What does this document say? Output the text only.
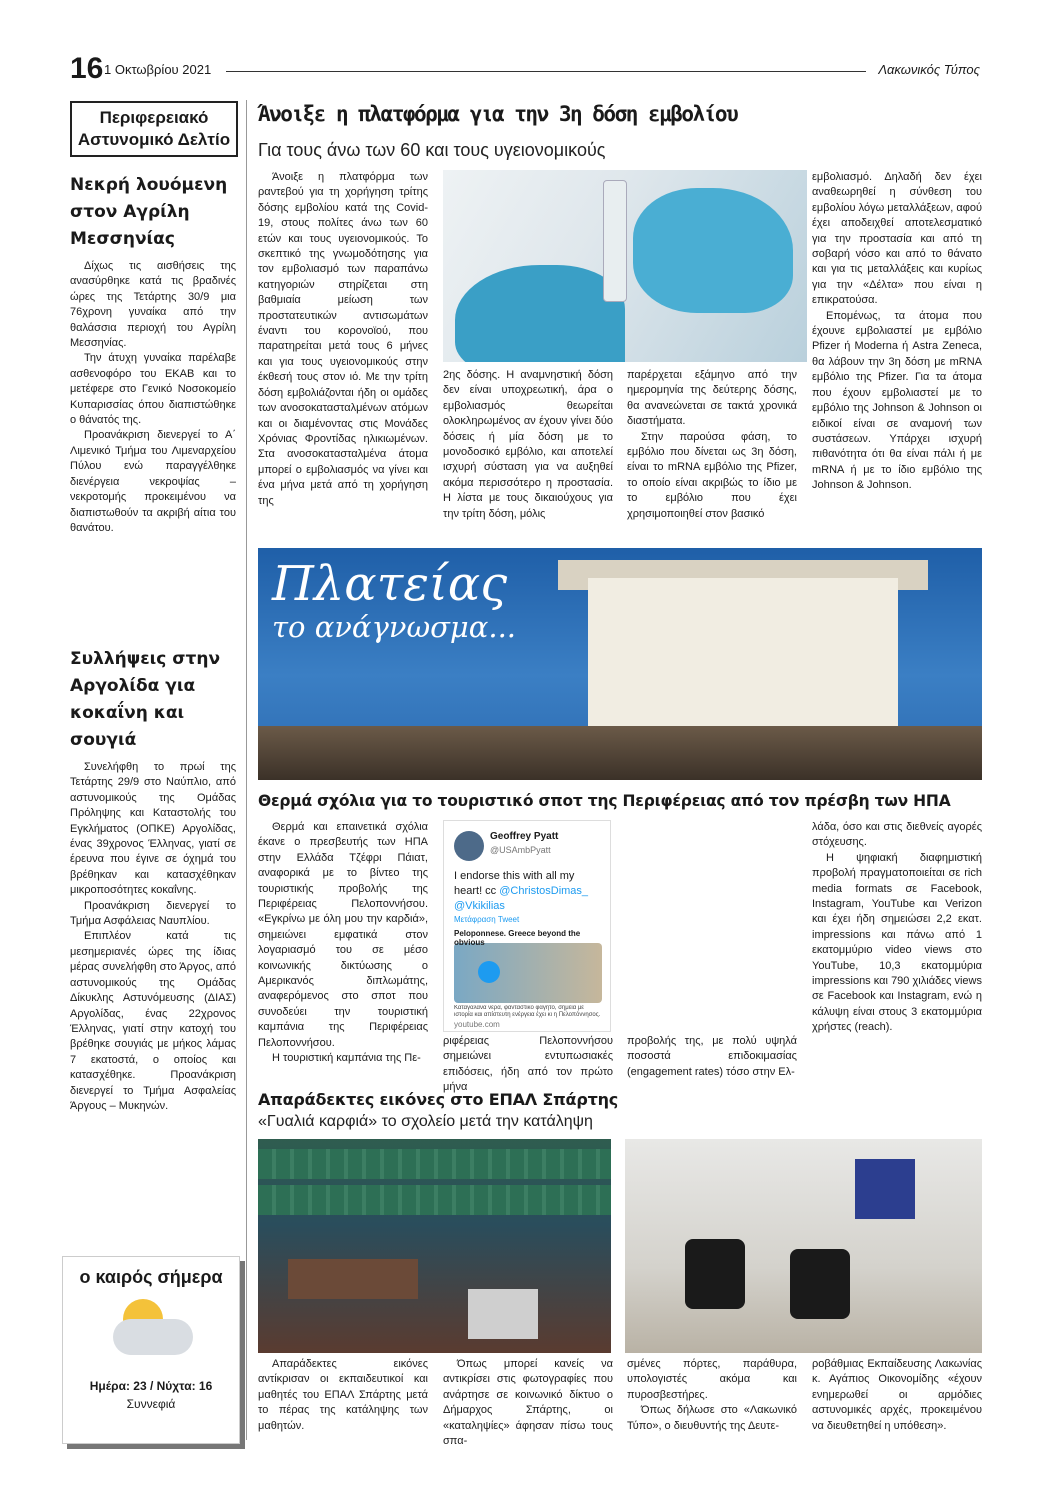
16 1 Οκτωβρίου 2021	Λακωνικός Τύπος
Περιφερειακό Αστυνομικό Δελτίο
Νεκρή λουόμενη στον Αγρίλη Μεσσηνίας

Δίχως τις αισθήσεις της ανασύρθηκε κατά τις βραδινές ώρες της Τετάρτης 30/9 μια 76χρονη γυναίκα από την θαλάσσια περιοχή του Αγρίλη Μεσσηνίας.

Την άτυχη γυναίκα παρέλαβε ασθενοφόρο του ΕΚΑΒ και το μετέφερε στο Γενικό Νοσοκομείο Κυπαρισσίας όπου διαπιστώθηκε ο θάνατός της.

Προανάκριση διενεργεί το Α΄ Λιμενικό Τμήμα του Λιμεναρχείου Πύλου ενώ παραγγέλθηκε διενέργεια νεκροψίας – νεκροτομής προκειμένου να διαπιστωθούν τα ακριβή αίτια του θανάτου.

Συλλήψεις στην Αργολίδα για κοκαΐνη και σουγιά

Συνελήφθη το πρωί της Τετάρτης 29/9 στο Ναύπλιο, από αστυνομικούς της Ομάδας Πρόληψης και Καταστολής του Εγκλήματος (ΟΠΚΕ) Αργολίδας, ένας 39χρονος Έλληνας, γιατί σε έρευνα που έγινε σε όχημά του βρέθηκαν και κατασχέθηκαν μικροποσότητες κοκαΐνης.

Προανάκριση διενεργεί το Τμήμα Ασφάλειας Ναυπλίου.

Επιπλέον κατά τις μεσημεριανές ώρες της ίδιας μέρας συνελήφθη στο Άργος, από αστυνομικούς της Ομάδας Δίκυκλης Αστυνόμευσης (ΔΙΑΣ) Αργολίδας, ένας 22χρονος Έλληνας, γιατί στην κατοχή του βρέθηκε σουγιάς με μήκος λάμας 7 εκατοστά, ο οποίος και κατασχέθηκε. Προανάκριση διενεργεί το Τμήμα Ασφαλείας Άργους – Μυκηνών.

ο καιρός σήμερα
Ημέρα: 23 / Νύχτα: 16
Συννεφιά
Άνοιξε η πλατφόρμα για την 3η δόση εμβολίου
Για τους άνω των 60 και τους υγειονομικούς

Άνοιξε η πλατφόρμα των ραντεβού για τη χορήγηση τρίτης δόσης εμβολίου κατά της Covid-19, στους πολίτες άνω των 60 ετών και τους υγειονομικούς. Το σκεπτικό της γνωμοδότησης για τον εμβολιασμό των παραπάνω κατηγοριών στηρίζεται στη βαθμιαία μείωση των προστατευτικών αντισωμάτων έναντι του κορονοϊού, που παρατηρείται μετά τους 6 μήνες και για τους υγειονομικούς στην έκθεσή τους στον ιό. Με την τρίτη δόση εμβολιάζονται ήδη οι ομάδες των ανοσοκατασταλμένων ατόμων και οι διαμένοντας στις Μονάδες Χρόνιας Φροντίδας ηλικιωμένων. Στα ανοσοκατασταλμένα άτομα μπορεί ο εμβολιασμός να γίνει και ένα μήνα μετά από τη χορήγηση της

2ης δόσης. Η αναμνηστική δόση δεν είναι υποχρεωτική, άρα ο εμβολιασμός θεωρείται ολοκληρωμένος αν έχουν γίνει δύο δόσεις ή μία δόση με το μονοδοσικό εμβόλιο, και αποτελεί ισχυρή σύσταση για να αυξηθεί ακόμα περισσότερο η προστασία. Η λίστα με τους δικαιούχους για την τρίτη δόση, μόλις

παρέρχεται εξάμηνο από την ημερομηνία της δεύτερης δόσης, θα ανανεώνεται σε τακτά χρονικά διαστήματα.

Στην παρούσα φάση, το εμβόλιο που δίνεται ως 3η δόση, είναι το mRNA εμβόλιο της Pfizer, το οποίο είναι ακριβώς το ίδιο με το εμβόλιο που έχει χρησιμοποιηθεί στον βασικό

εμβολιασμό. Δηλαδή δεν έχει αναθεωρηθεί η σύνθεση του εμβολίου λόγω μεταλλάξεων, αφού έχει αποδειχθεί αποτελεσματικό για την προστασία και από τη σοβαρή νόσο και από το θάνατο και για τις μεταλλάξεις και κυρίως για την «Δέλτα» που είναι η επικρατούσα.

Επομένως, τα άτομα που έχουνε εμβολιαστεί με εμβόλιο Pfizer ή Moderna ή Astra Zeneca, θα λάβουν την 3η δόση με mRNA εμβόλιο της Pfizer. Για τα άτομα που έχουν εμβολιαστεί με το εμβόλιο της Johnson & Johnson οι ειδικοί είναι σε αναμονή των συστάσεων. Υπάρχει ισχυρή πιθανότητα ότι θα είναι πάλι ή με mRNA ή με το ίδιο εμβόλιο της Johnson & Johnson.

Πλατείας
το ανάγνωσμα...
Θερμά σχόλια για το τουριστικό σποτ της Περιφέρειας από τον πρέσβη των ΗΠΑ

Θερμά και επαινετικά σχόλια έκανε ο πρεσβευτής των ΗΠΑ στην Ελλάδα Τζέφρι Πάιατ, αναφορικά με το βίντεο της τουριστικής προβολής της Περιφέρειας Πελοποννήσου. «Εγκρίνω με όλη μου την καρδιά», σημειώνει εμφατικά στον λογαριασμό του σε μέσο κοινωνικής δικτύωσης ο Αμερικανός διπλωμάτης, αναφερόμενος στο σποτ που συνοδεύει την τουριστική καμπάνια της Περιφέρειας Πελοποννήσου.

Η τουριστική καμπάνια της Πε-

Geoffrey Pyatt
@USAmbPyatt
I endorse this with all my heart! cc @ChristosDimas_ @Vkikilias
Μετάφραση Tweet
Peloponnese. Greece beyond the obvious
Καταγάλανα νερά, φανταστικό φαγητό, σημεία με ιστορία και απίστευτη ενέργεια έχει κι η Πελοπόννησος.
youtube.com

ριφέρειας Πελοποννήσου σημειώνει εντυπωσιακές επιδόσεις, ήδη από τον πρώτο μήνα

προβολής της, με πολύ υψηλά ποσοστά επιδοκιμασίας (engagement rates) τόσο στην Ελ-

λάδα, όσο και στις διεθνείς αγορές στόχευσης.

Η ψηφιακή διαφημιστική προβολή πραγματοποιείται σε rich media formats σε Facebook, Instagram, YouTube και Verizon και έχει ήδη σημειώσει 2,2 εκατ. impressions και πάνω από 1 εκατομμύριο video views στο YouTube, 10,3 εκατομμύρια impressions και 790 χιλιάδες views σε Facebook και Instagram, ενώ η κάλυψη είναι στους 3 εκατομμύρια χρήστες (reach).

Απαράδεκτες εικόνες στο ΕΠΑΛ Σπάρτης
«Γυαλιά καρφιά» το σχολείο μετά την κατάληψη

Απαράδεκτες εικόνες αντίκρισαν οι εκπαιδευτικοί και μαθητές του ΕΠΑΛ Σπάρτης μετά το πέρας της κατάληψης των μαθητών.

Όπως μπορεί κανείς να αντικρίσει στις φωτογραφίες που ανάρτησε σε κοινωνικό δίκτυο ο Δήμαρχος Σπάρτης, οι «καταληψίες» άφησαν πίσω τους σπα-

σμένες πόρτες, παράθυρα, υπολογιστές ακόμα και πυροσβεστήρες.

Όπως δήλωσε στο «Λακωνικό Τύπο», ο διευθυντής της Δευτε-

ροβάθμιας Εκπαίδευσης Λακωνίας κ. Αγάπιος Οικονομίδης «έχουν ενημερωθεί οι αρμόδιες αστυνομικές αρχές, προκειμένου να διευθετηθεί η υπόθεση».
